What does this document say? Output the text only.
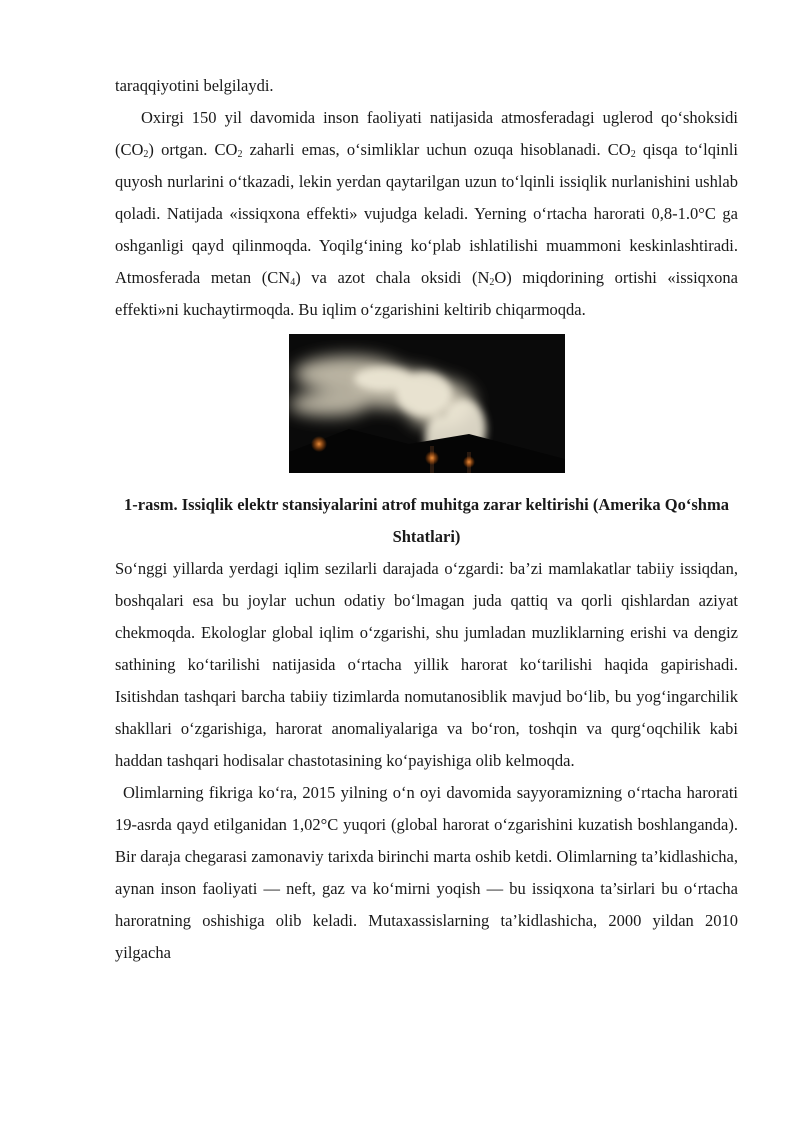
taraqqiyotini belgilaydi.

Oxirgi 150 yil davomida inson faoliyati natijasida atmosferadagi uglerod qo‘shoksidi $(CO_2)$ ortgan. $CO_2$ zaharli emas, o‘simliklar uchun ozuqa hisoblanadi. $CO_2$ qisqa to‘lqinli quyosh nurlarini o‘tkazadi, lekin yerdan qaytarilgan uzun to‘lqinli issiqlik nurlanishini ushlab qoladi. Natijada «issiqxona effekti» vujudga keladi. Yerning o‘rtacha harorati 0,8-1.0°C ga oshganligi qayd qilinmoqda. Yoqilg‘ining ko‘plab ishlatilishi muammoni keskinlashtiradi. Atmosferada metan $(CN_4)$ va azot chala oksidi $(N_2O)$ miqdorining ortishi «issiqxona effekti»ni kuchaytirmoqda. Bu iqlim o‘zgarishini keltirib chiqarmoqda.

1-rasm. Issiqlik elektr stansiyalarini atrof muhitga zarar keltirishi (Amerika Qo‘shma Shtatlari)

So‘nggi yillarda yerdagi iqlim sezilarli darajada o‘zgardi: ba’zi mamlakatlar tabiiy issiqdan, boshqalari esa bu joylar uchun odatiy bo‘lmagan juda qattiq va qorli qishlardan aziyat chekmoqda. Ekologlar global iqlim o‘zgarishi, shu jumladan muzliklarning erishi va dengiz sathining ko‘tarilishi natijasida o‘rtacha yillik harorat ko‘tarilishi haqida gapirishadi. Isitishdan tashqari barcha tabiiy tizimlarda nomutanosiblik mavjud bo‘lib, bu yog‘ingarchilik shakllari o‘zgarishiga, harorat anomaliyalariga va bo‘ron, toshqin va qurg‘oqchilik kabi haddan tashqari hodisalar chastotasining ko‘payishiga olib kelmoqda.

Olimlarning fikriga ko‘ra, 2015 yilning o‘n oyi davomida sayyoramizning o‘rtacha harorati 19-asrda qayd etilganidan 1,02°C yuqori (global harorat o‘zgarishini kuzatish boshlanganda). Bir daraja chegarasi zamonaviy tarixda birinchi marta oshib ketdi. Olimlarning ta’kidlashicha, aynan inson faoliyati — neft, gaz va ko‘mirni yoqish — bu issiqxona ta’sirlari bu o‘rtacha haroratning oshishiga olib keladi. Mutaxassislarning ta’kidlashicha, 2000 yildan 2010 yilgacha
